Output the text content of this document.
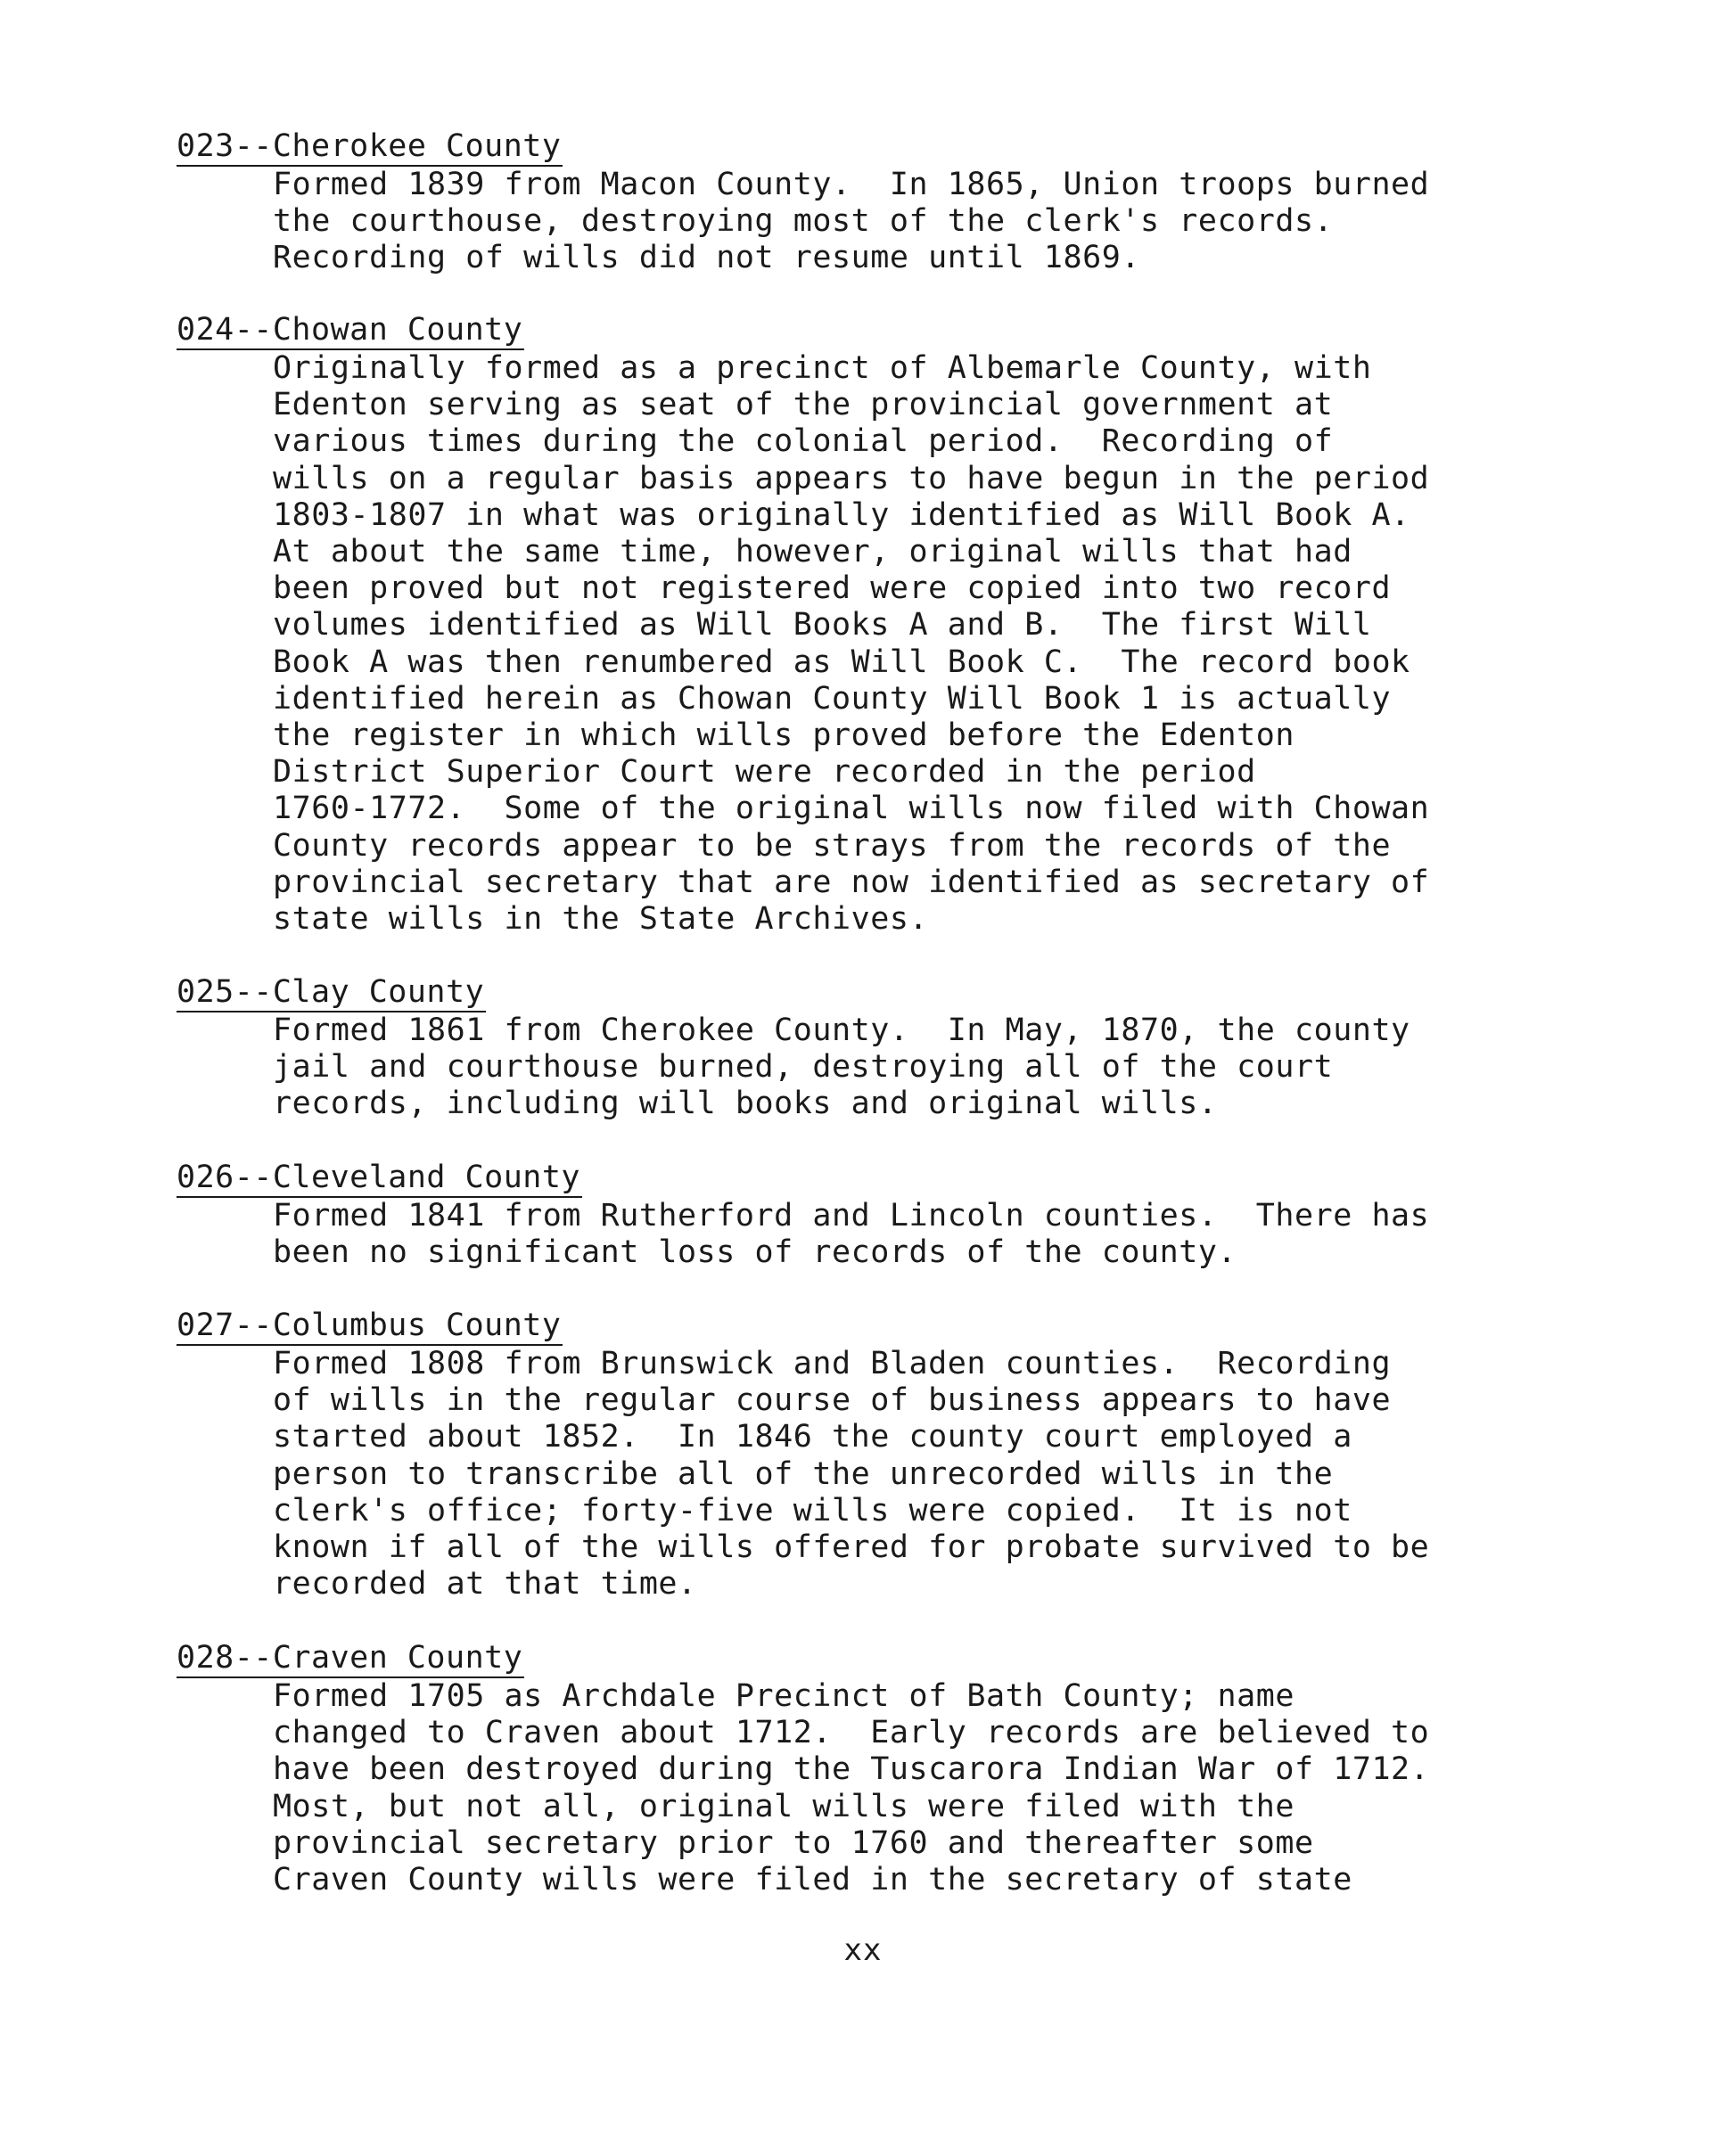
023--Cherokee County
Formed 1839 from Macon County.  In 1865, Union troops burned
the courthouse, destroying most of the clerk's records.
Recording of wills did not resume until 1869.
024--Chowan County
Originally formed as a precinct of Albemarle County, with
Edenton serving as seat of the provincial government at
various times during the colonial period.  Recording of
wills on a regular basis appears to have begun in the period
1803-1807 in what was originally identified as Will Book A.
At about the same time, however, original wills that had
been proved but not registered were copied into two record
volumes identified as Will Books A and B.  The first Will
Book A was then renumbered as Will Book C.  The record book
identified herein as Chowan County Will Book 1 is actually
the register in which wills proved before the Edenton
District Superior Court were recorded in the period
1760-1772.  Some of the original wills now filed with Chowan
County records appear to be strays from the records of the
provincial secretary that are now identified as secretary of
state wills in the State Archives.
025--Clay County
Formed 1861 from Cherokee County.  In May, 1870, the county
jail and courthouse burned, destroying all of the court
records, including will books and original wills.
026--Cleveland County
Formed 1841 from Rutherford and Lincoln counties.  There has
been no significant loss of records of the county.
027--Columbus County
Formed 1808 from Brunswick and Bladen counties.  Recording
of wills in the regular course of business appears to have
started about 1852.  In 1846 the county court employed a
person to transcribe all of the unrecorded wills in the
clerk's office; forty-five wills were copied.  It is not
known if all of the wills offered for probate survived to be
recorded at that time.
028--Craven County
Formed 1705 as Archdale Precinct of Bath County; name
changed to Craven about 1712.  Early records are believed to
have been destroyed during the Tuscarora Indian War of 1712.
Most, but not all, original wills were filed with the
provincial secretary prior to 1760 and thereafter some
Craven County wills were filed in the secretary of state
xx
